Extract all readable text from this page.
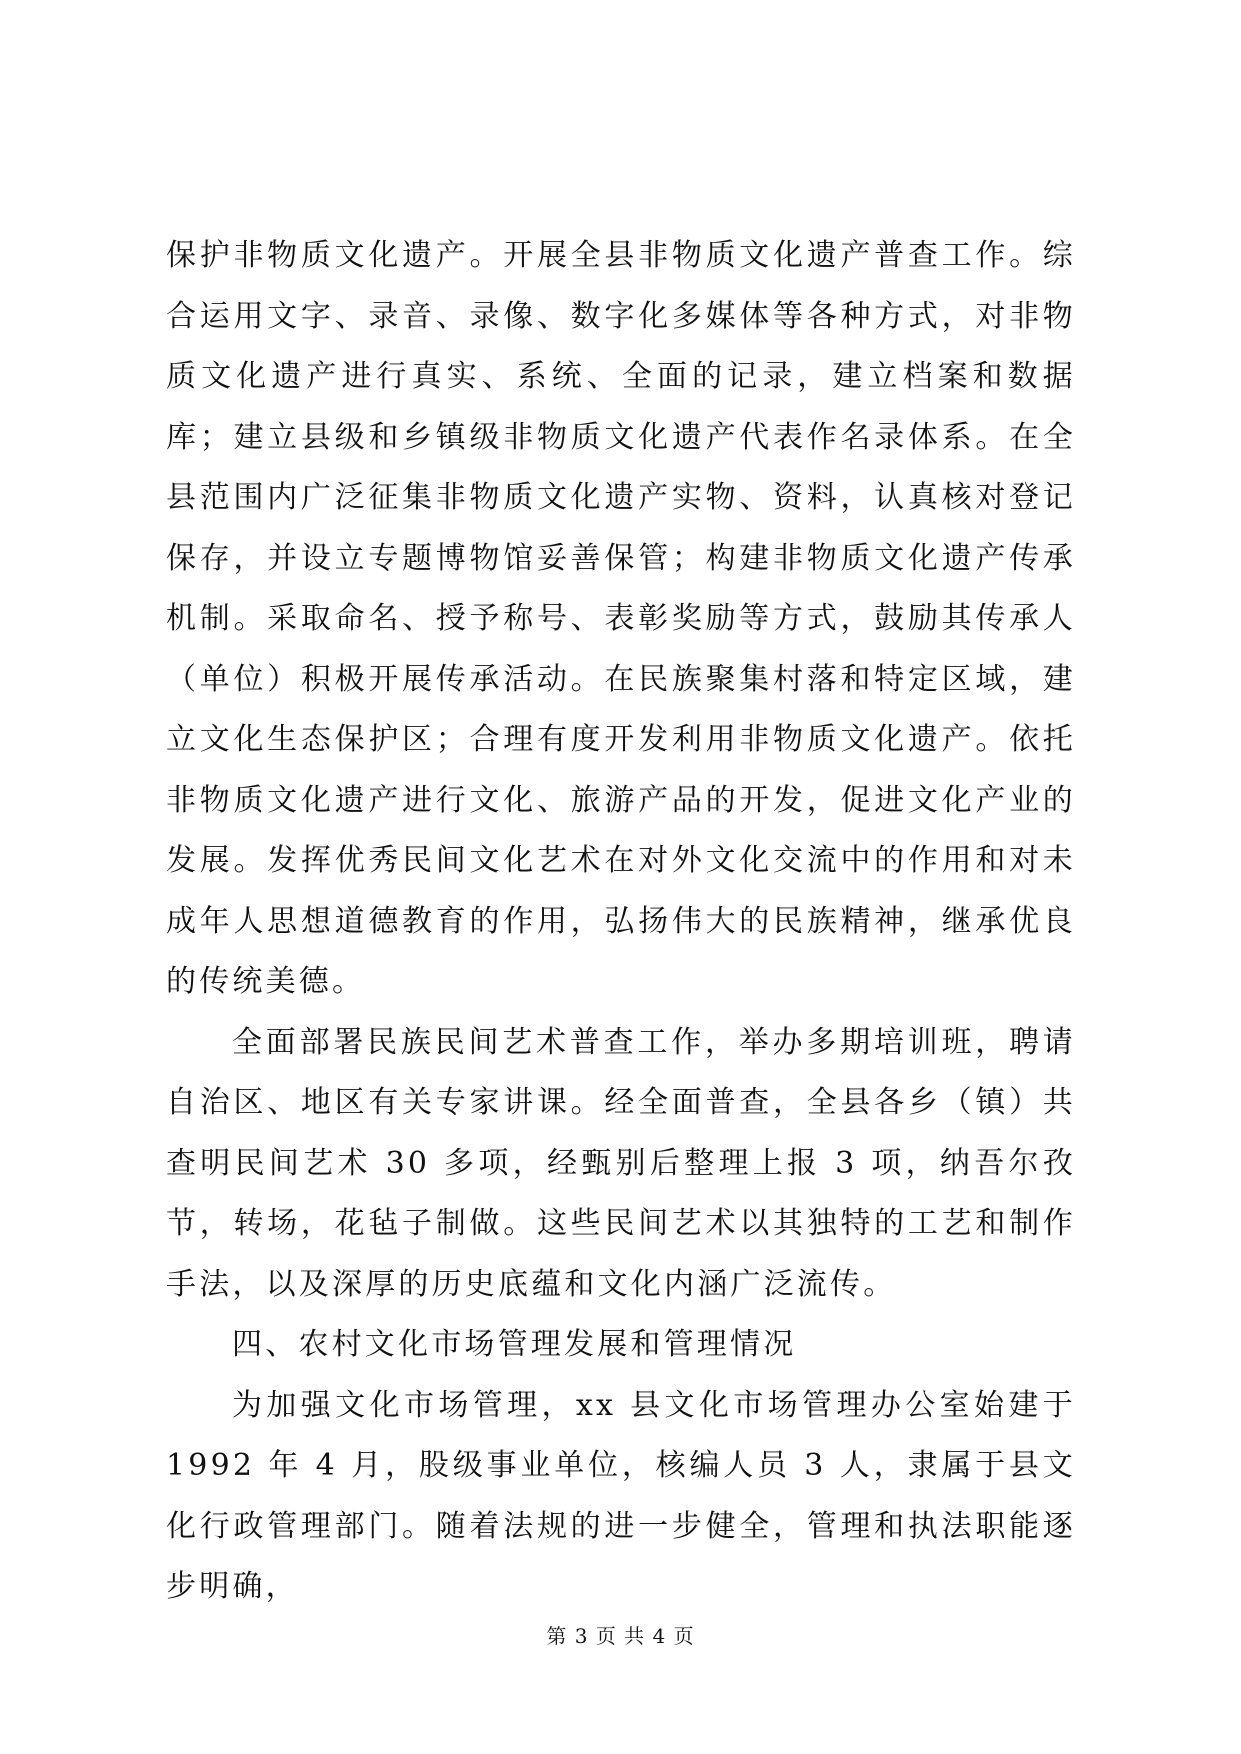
保护非物质文化遗产。开展全县非物质文化遗产普查工作。综合运用文字、录音、录像、数字化多媒体等各种方式，对非物质文化遗产进行真实、系统、全面的记录，建立档案和数据库；建立县级和乡镇级非物质文化遗产代表作名录体系。在全县范围内广泛征集非物质文化遗产实物、资料，认真核对登记保存，并设立专题博物馆妥善保管；构建非物质文化遗产传承机制。采取命名、授予称号、表彰奖励等方式，鼓励其传承人（单位）积极开展传承活动。在民族聚集村落和特定区域，建立文化生态保护区；合理有度开发利用非物质文化遗产。依托非物质文化遗产进行文化、旅游产品的开发，促进文化产业的发展。发挥优秀民间文化艺术在对外文化交流中的作用和对未成年人思想道德教育的作用，弘扬伟大的民族精神，继承优良的传统美德。

全面部署民族民间艺术普查工作，举办多期培训班，聘请自治区、地区有关专家讲课。经全面普查，全县各乡（镇）共查明民间艺术 30 多项，经甄别后整理上报 3 项，纳吾尔孜节，转场，花毡子制做。这些民间艺术以其独特的工艺和制作手法，以及深厚的历史底蕴和文化内涵广泛流传。

四、农村文化市场管理发展和管理情况

为加强文化市场管理，xx 县文化市场管理办公室始建于 1992 年 4 月，股级事业单位，核编人员 3 人，隶属于县文化行政管理部门。随着法规的进一步健全，管理和执法职能逐步明确，

第 3 页 共 4 页
